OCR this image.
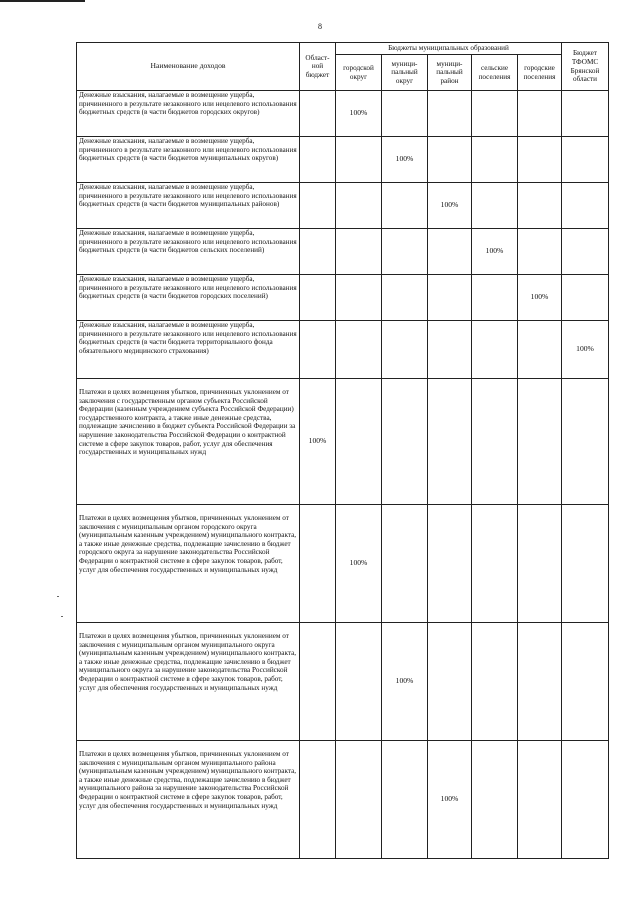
8
Наименование доходов	Област-
ной
бюджет	Бюджеты муниципальных образований					Бюджет
ТФОМС
Брянской
области
		городской
округ	муници-
пальный
округ	муници-
пальный
район	сельские
поселения	городские
поселения	
Денежные взыскания, налагаемые в возмещение ущерба, причиненного в результате незаконного или нецелевого использования бюджетных средств (в части бюджетов городских округов)		100%					
Денежные взыскания, налагаемые в возмещение ущерба, причиненного в результате незаконного или нецелевого использования бюджетных средств (в части бюджетов муниципальных округов)			100%				
Денежные взыскания, налагаемые в возмещение ущерба, причиненного в результате незаконного или нецелевого использования бюджетных средств (в части бюджетов муниципальных районов)				100%			
Денежные взыскания, налагаемые в возмещение ущерба, причиненного в результате незаконного или нецелевого использования бюджетных средств (в части бюджетов сельских поселений)					100%		
Денежные взыскания, налагаемые в возмещение ущерба, причиненного в результате незаконного или нецелевого использования бюджетных средств (в части бюджетов городских поселений)						100%	
Денежные взыскания, налагаемые в возмещение ущерба, причиненного в результате незаконного или нецелевого использования бюджетных средств (в части бюджета территориального фонда обязательного медицинского страхования)							100%
Платежи в целях возмещения убытков, причиненных уклонением от заключения с государственным органом субъекта Российской Федерации (казенным учреждением субъекта Российской Федерации) государственного контракта, а также иные денежные средства, подлежащие зачислению в бюджет субъекта Российской Федерации за нарушение законодательства Российской Федерации о контрактной системе в сфере закупок товаров, работ, услуг для обеспечения государственных и муниципальных нужд	100%						
Платежи в целях возмещения убытков, причиненных уклонением от заключения с муниципальным органом городского округа (муниципальным казенным учреждением) муниципального контракта, а также иные денежные средства, подлежащие зачислению в бюджет городского округа за нарушение законодательства Российской Федерации о контрактной системе в сфере закупок товаров, работ, услуг для обеспечения государственных и муниципальных нужд		100%					
Платежи в целях возмещения убытков, причиненных уклонением от заключения с муниципальным органом муниципального округа (муниципальным казенным учреждением) муниципального контракта, а также иные денежные средства, подлежащие зачислению в бюджет муниципального округа за нарушение законодательства Российской Федерации о контрактной системе в сфере закупок товаров, работ, услуг для обеспечения государственных и муниципальных нужд			100%				
Платежи в целях возмещения убытков, причиненных уклонением от заключения с муниципальным органом муниципального района (муниципальным казенным учреждением) муниципального контракта, а также иные денежные средства, подлежащие зачислению в бюджет муниципального района за нарушение законодательства Российской Федерации о контрактной системе в сфере закупок товаров, работ, услуг для обеспечения государственных и муниципальных нужд				100%			
